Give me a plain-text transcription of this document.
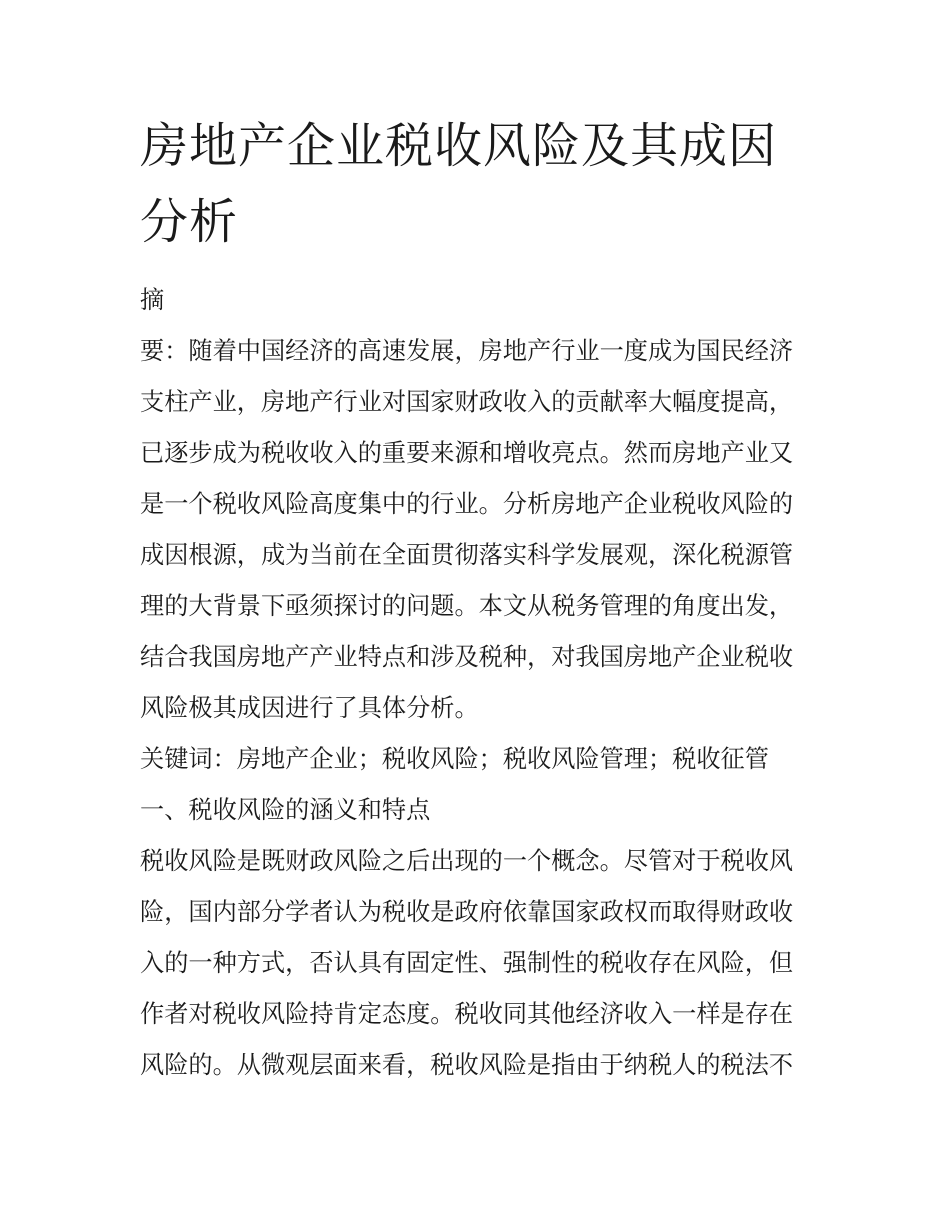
房地产企业税收风险及其成因
分析
摘
要：随着中国经济的高速发展，房地产行业一度成为国民经济
支柱产业，房地产行业对国家财政收入的贡献率大幅度提高，
已逐步成为税收收入的重要来源和增收亮点。然而房地产业又
是一个税收风险高度集中的行业。分析房地产企业税收风险的
成因根源，成为当前在全面贯彻落实科学发展观，深化税源管
理的大背景下亟须探讨的问题。本文从税务管理的角度出发，
结合我国房地产产业特点和涉及税种，对我国房地产企业税收
风险极其成因进行了具体分析。
关键词：房地产企业；税收风险；税收风险管理；税收征管
一、税收风险的涵义和特点
税收风险是既财政风险之后出现的一个概念。尽管对于税收风
险，国内部分学者认为税收是政府依靠国家政权而取得财政收
入的一种方式，否认具有固定性、强制性的税收存在风险，但
作者对税收风险持肯定态度。税收同其他经济收入一样是存在
风险的。从微观层面来看，税收风险是指由于纳税人的税法不
